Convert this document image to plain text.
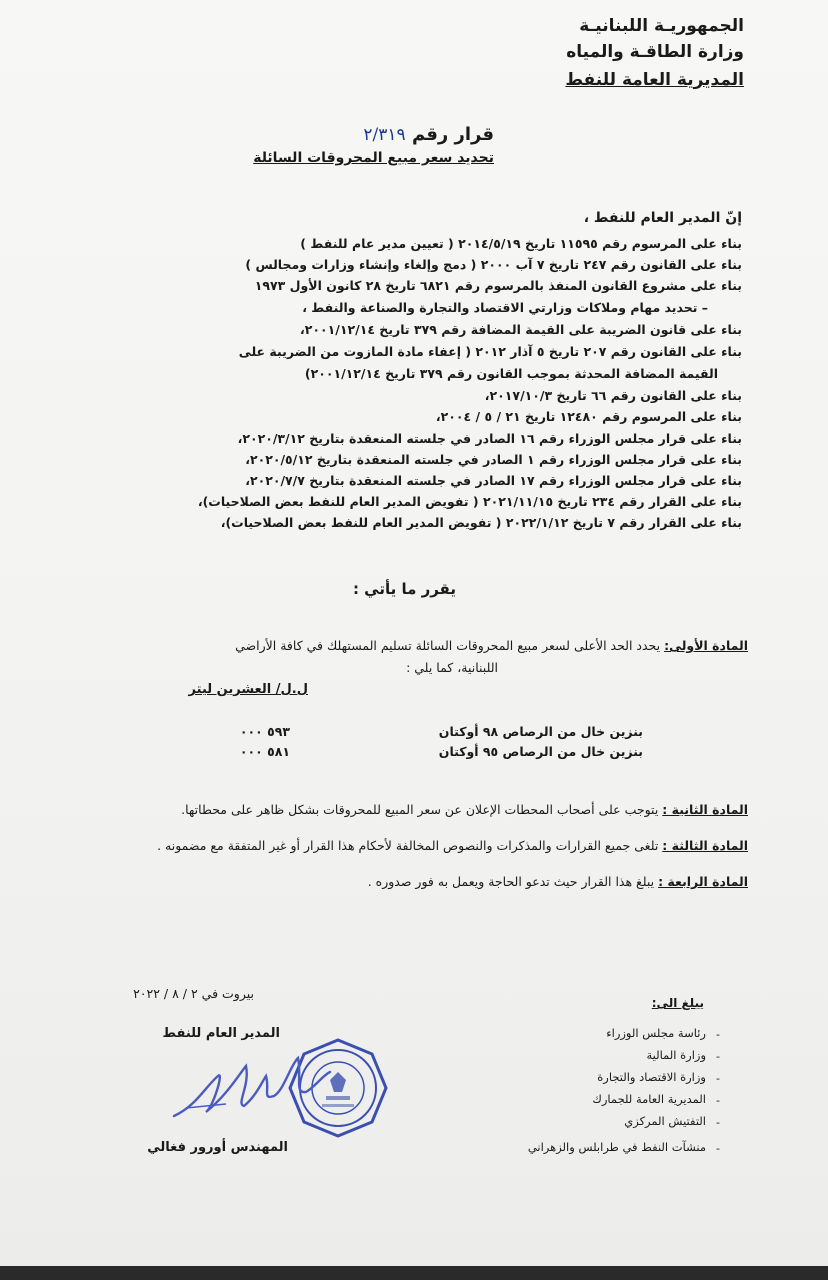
الجمهوريـة اللبنانيـة
وزارة الطاقـة والمياه
المديرية العامة للنفط
قرار رقم ٢/٣١٩
تحديد سعر مبيع المحروقات السائلة
إنّ المدير العام للنفط ،
بناء على المرسوم رقم ١١٥٩٥ تاريخ ٢٠١٤/٥/١٩ ( تعيين مدير عام للنفط )
بناء على القانون رقم ٢٤٧ تاريخ ٧ آب ٢٠٠٠ ( دمج وإلغاء وإنشاء وزارات ومجالس )
بناء على مشروع القانون المنفذ بالمرسوم رقم ٦٨٢١ تاريخ ٢٨ كانون الأول ١٩٧٣
– تحديد مهام وملاكات وزارتي الاقتصاد والتجارة والصناعة والنفط ،
بناء على قانون الضريبة على القيمة المضافة رقم ٣٧٩ تاريخ ٢٠٠١/١٢/١٤،
بناء على القانون رقم ٢٠٧ تاريخ ٥ آذار ٢٠١٢ ( إعفاء مادة المازوت من الضريبة على
القيمة المضافة المحدثة بموجب القانون رقم ٣٧٩ تاريخ ٢٠٠١/١٢/١٤)
بناء على القانون رقم ٦٦ تاريخ ٢٠١٧/١٠/٣،
بناء على المرسوم رقم ١٢٤٨٠ تاريخ ٢١ / ٥ / ٢٠٠٤،
بناء على قرار مجلس الوزراء رقم ١٦ الصادر في جلسته المنعقدة بتاريخ ٢٠٢٠/٣/١٢،
بناء على قرار مجلس الوزراء رقم ١ الصادر في جلسته المنعقدة بتاريخ ٢٠٢٠/٥/١٢،
بناء على قرار مجلس الوزراء رقم ١٧ الصادر في جلسته المنعقدة بتاريخ ٢٠٢٠/٧/٧،
بناء على القرار رقم ٢٣٤ تاريخ ٢٠٢١/١١/١٥ ( تفويض المدير العام للنفط بعض الصلاحيات)،
بناء على القرار رقم ٧ تاريخ ٢٠٢٢/١/١٢ ( تفويض المدير العام للنفط بعض الصلاحيات)،
يقرر ما يأتي :
المادة الأولى: يحدد الحد الأعلى لسعر مبيع المحروقات السائلة تسليم المستهلك في كافة الأراضي
اللبنانية، كما يلي :
ل.ل/ العشرين ليتر
بنزين خال من الرصاص ٩٨ أوكتان
٥٩٣ ٠٠٠
بنزين خال من الرصاص ٩٥ أوكتان
٥٨١ ٠٠٠
المادة الثانية : يتوجب على أصحاب المحطات الإعلان عن سعر المبيع للمحروقات بشكل ظاهر على محطاتها.
المادة الثالثة : تلغى جميع القرارات والمذكرات والنصوص المخالفة لأحكام هذا القرار أو غير المتفقة مع مضمونه .
المادة الرابعة : يبلغ هذا القرار حيث تدعو الحاجة ويعمل به فور صدوره .
بيروت في ٢ / ٨ / ٢٠٢٢
المدير العام للنفط
المهندس أورور فغالي
يبلغ الى:
رئاسة مجلس الوزراء
وزارة المالية
وزارة الاقتصاد والتجارة
المديرية العامة للجمارك
التفتيش المركزي
منشآت النفط في طرابلس والزهراني
-
-
-
-
-
-
